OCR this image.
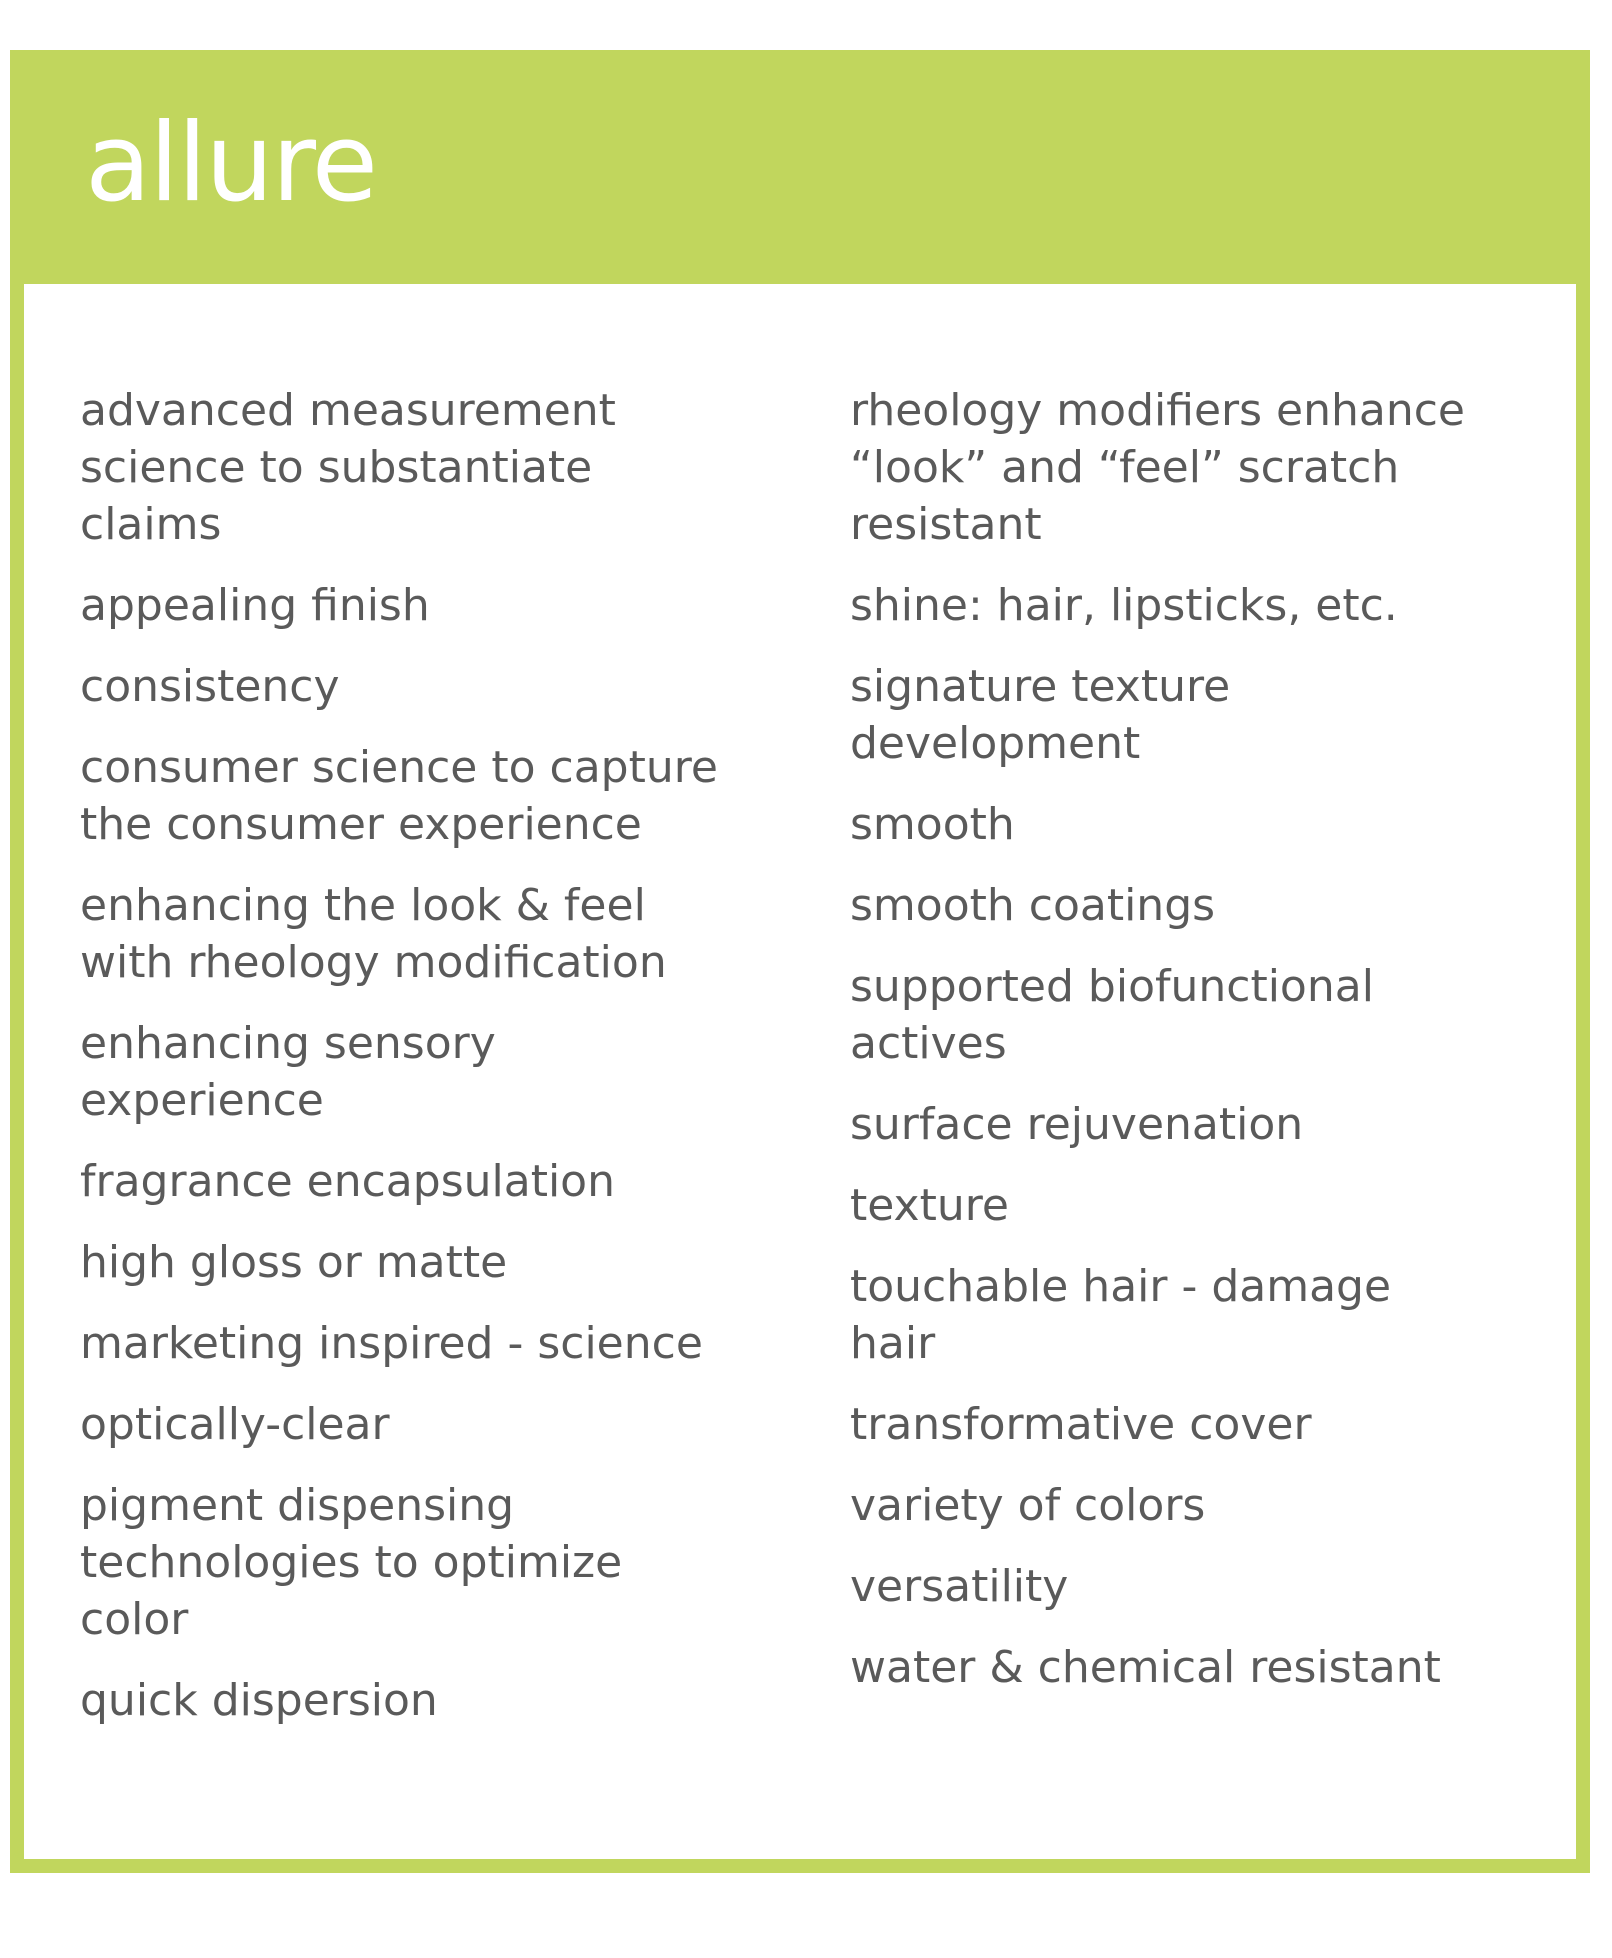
allure
advanced measurement
science to substantiate
claims
appealing finish
consistency
consumer science to capture
the consumer experience
enhancing the look & feel
with rheology modification
enhancing sensory
experience
fragrance encapsulation
high gloss or matte
marketing inspired - science
optically-clear
pigment dispensing
technologies to optimize
color
quick dispersion
rheology modifiers enhance
“look” and “feel” scratch
resistant
shine: hair, lipsticks, etc.
signature texture
development
smooth
smooth coatings
supported biofunctional
actives
surface rejuvenation
texture
touchable hair - damage
hair
transformative cover
variety of colors
versatility
water & chemical resistant
